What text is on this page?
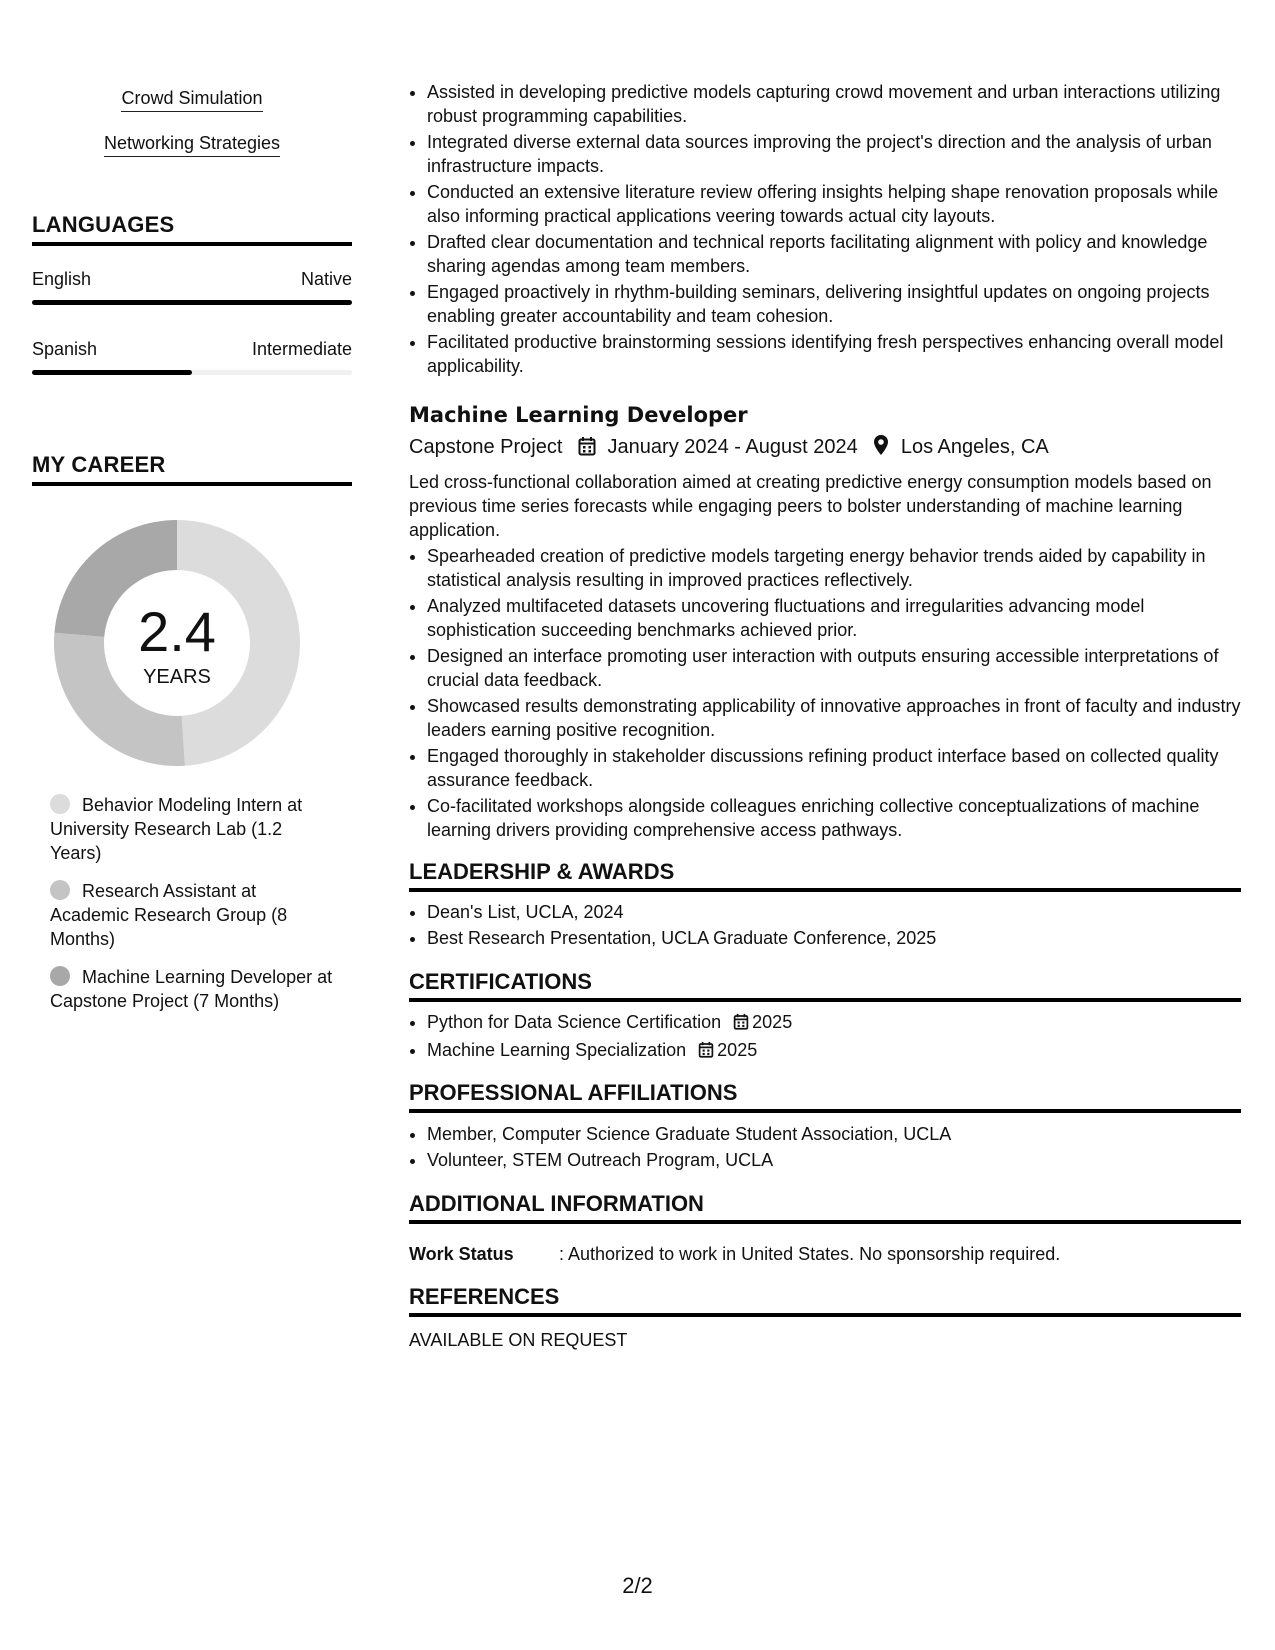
Crowd Simulation
Networking Strategies
LANGUAGES
English	Native
Spanish	Intermediate
MY CAREER
2.4
YEARS
Behavior Modeling Intern at University Research Lab (1.2 Years)
Research Assistant at Academic Research Group (8 Months)
Machine Learning Developer at Capstone Project (7 Months)
• Assisted in developing predictive models capturing crowd movement and urban interactions utilizing robust programming capabilities.
• Integrated diverse external data sources improving the project's direction and the analysis of urban infrastructure impacts.
• Conducted an extensive literature review offering insights helping shape renovation proposals while also informing practical applications veering towards actual city layouts.
• Drafted clear documentation and technical reports facilitating alignment with policy and knowledge sharing agendas among team members.
• Engaged proactively in rhythm-building seminars, delivering insightful updates on ongoing projects enabling greater accountability and team cohesion.
• Facilitated productive brainstorming sessions identifying fresh perspectives enhancing overall model applicability.
Machine Learning Developer
Capstone Project January 2024 - August 2024 Los Angeles, CA
Led cross-functional collaboration aimed at creating predictive energy consumption models based on previous time series forecasts while engaging peers to bolster understanding of machine learning application.
• Spearheaded creation of predictive models targeting energy behavior trends aided by capability in statistical analysis resulting in improved practices reflectively.
• Analyzed multifaceted datasets uncovering fluctuations and irregularities advancing model sophistication succeeding benchmarks achieved prior.
• Designed an interface promoting user interaction with outputs ensuring accessible interpretations of crucial data feedback.
• Showcased results demonstrating applicability of innovative approaches in front of faculty and industry leaders earning positive recognition.
• Engaged thoroughly in stakeholder discussions refining product interface based on collected quality assurance feedback.
• Co-facilitated workshops alongside colleagues enriching collective conceptualizations of machine learning drivers providing comprehensive access pathways.
LEADERSHIP & AWARDS
• Dean's List, UCLA, 2024
• Best Research Presentation, UCLA Graduate Conference, 2025
CERTIFICATIONS
• Python for Data Science Certification 2025
• Machine Learning Specialization 2025
PROFESSIONAL AFFILIATIONS
• Member, Computer Science Graduate Student Association, UCLA
• Volunteer, STEM Outreach Program, UCLA
ADDITIONAL INFORMATION
Work Status	: Authorized to work in United States. No sponsorship required.
REFERENCES
AVAILABLE ON REQUEST
2/2
